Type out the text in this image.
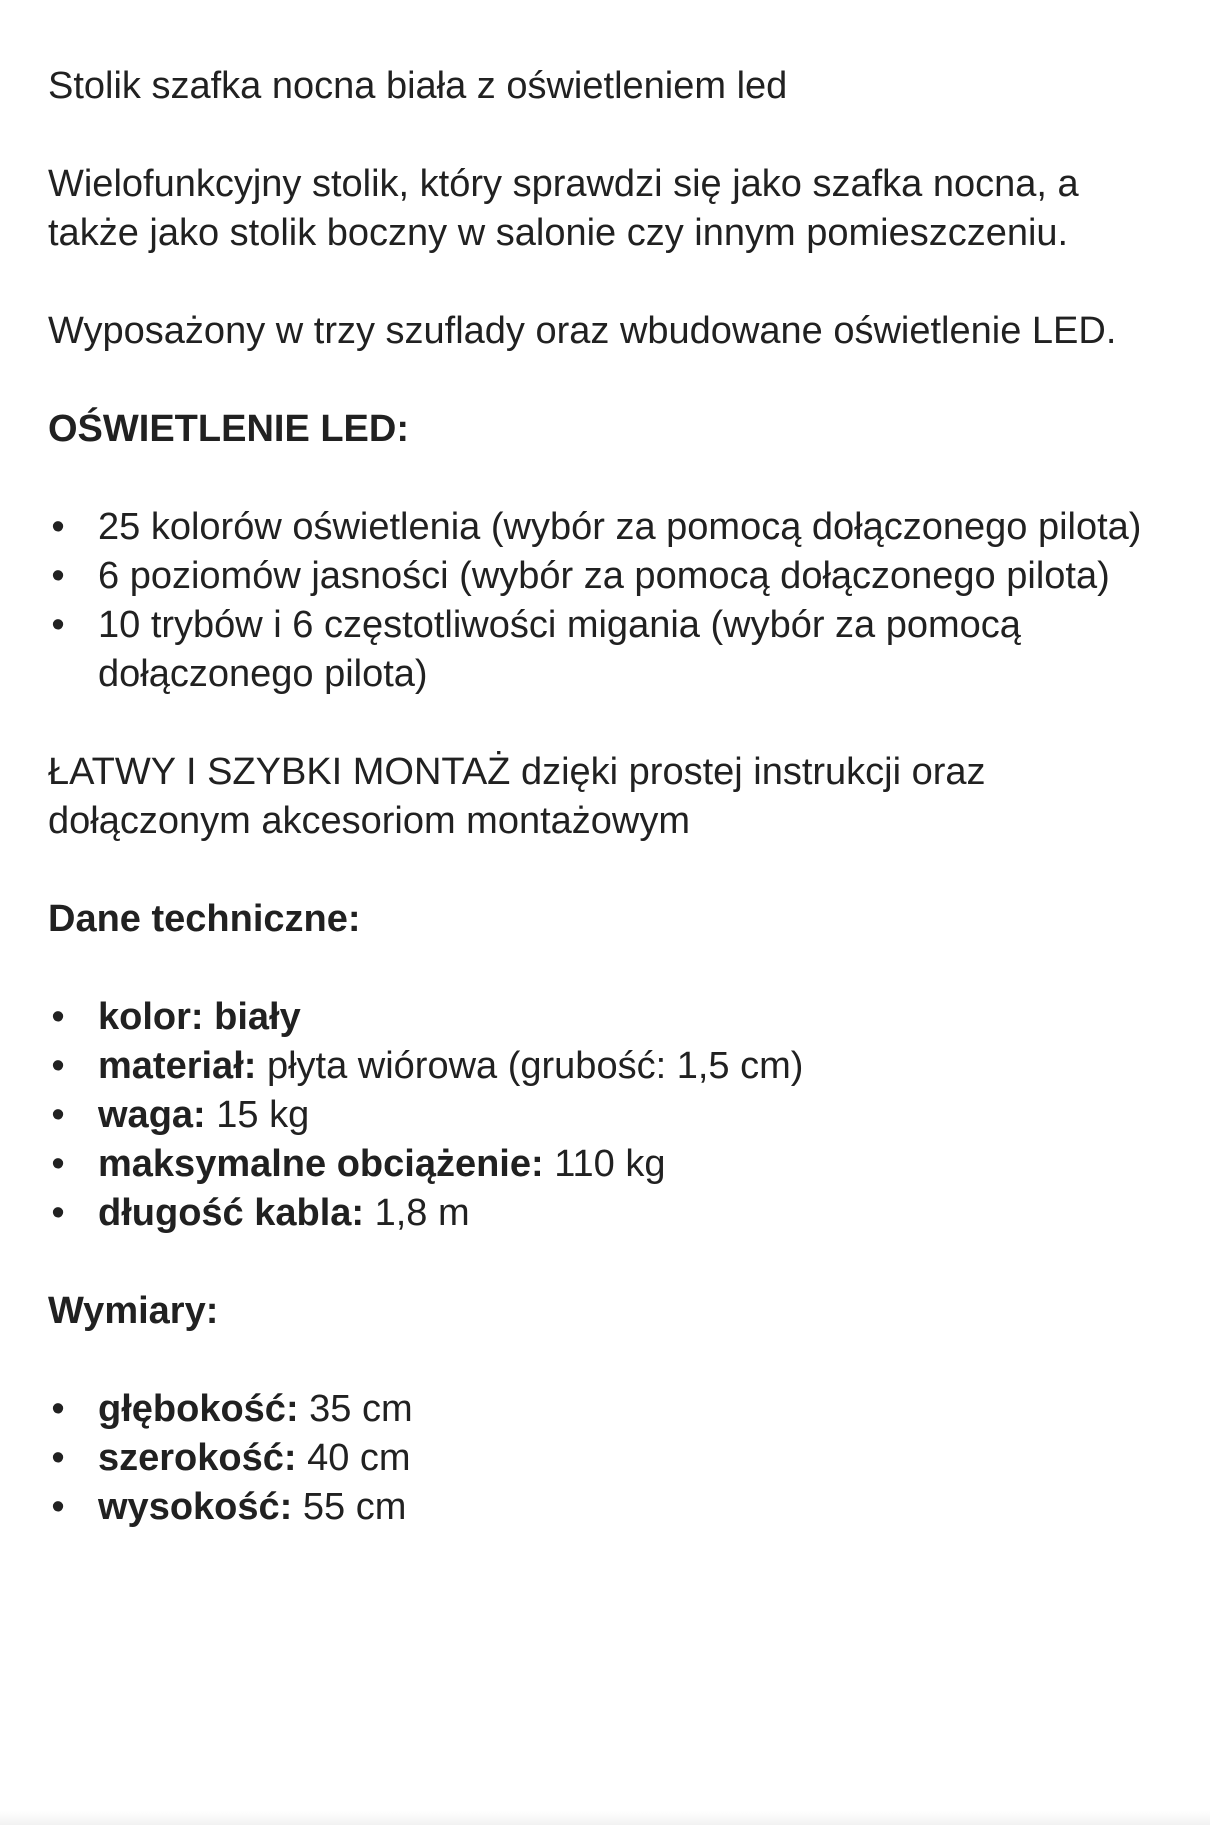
Stolik szafka nocna biała z oświetleniem led

Wielofunkcyjny stolik, który sprawdzi się jako szafka nocna, a także jako stolik boczny w salonie czy innym pomieszczeniu.

Wyposażony w trzy szuflady oraz wbudowane oświetlenie LED.

OŚWIETLENIE LED:

• 25 kolorów oświetlenia (wybór za pomocą dołączonego pilota)
• 6 poziomów jasności (wybór za pomocą dołączonego pilota)
• 10 trybów i 6 częstotliwości migania (wybór za pomocą dołączonego pilota)

ŁATWY I SZYBKI MONTAŻ dzięki prostej instrukcji oraz dołączonym akcesoriom montażowym

Dane techniczne:

• kolor: biały
• materiał: płyta wiórowa (grubość: 1,5 cm)
• waga: 15 kg
• maksymalne obciążenie: 110 kg
• długość kabla: 1,8 m

Wymiary:

• głębokość: 35 cm
• szerokość: 40 cm
• wysokość: 55 cm
